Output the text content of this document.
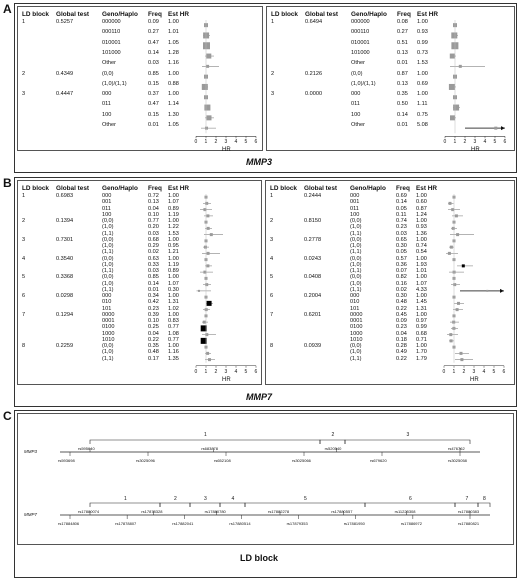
A
B
C
LD block Global test Geno/Haplo Freq Est HR
1	0.5257	000000	0.09 1.00
000110	0.27 1.01
010001	0.47 1.05
101000	0.14 1.28
Other	0.03 1.16
2	0.4349	(0,0)	0.85 1.00
(1,0)/(1,1)	0.15 0.88
3	0.4447	000	0.37 1.00
011	0.47 1.14
100	0.15 1.30
Other	0.01 1.05
0 1 2 3 4 5 6
HR
LD block Global test Geno/Haplo Freq Est HR
1	0.6494	000000	0.08 1.00
000110	0.27 0.93
010001	0.51 0.99
101000	0.13 0.73
Other	0.01 1.53
2	0.2126	(0,0)	0.87 1.00
(1,0)/(1,1)	0.13 0.69
3	0.0000	000	0.35 1.00
011	0.50 1.11
100	0.14 0.75
Other	0.01 5.08
0 1 2 3 4 5 6
HR
MMP3
LD block Global test Geno/Haplo Freq Est HR
1	0.6983	000	0.72 1.00
001	0.13 1.07
011	0.04 0.89
100	0.10 1.19
2	0.1394	(0,0)	0.77 1.00
(1,0)	0.20 1.22
(1,1)	0.03 1.53
3	0.7301	(0,0)	0.68 1.00
(1,0)	0.29 0.95
(1,1)	0.02 1.21
4	0.3540	(0,0)	0.63 1.00
(1,0)	0.33 1.19
(1,1)	0.03 0.89
5	0.3368	(0,0)	0.85 1.00
(1,0)	0.14 1.07
(1,1)	0.01 0.30
6	0.0298	000	0.34 1.00
010	0.42 1.31
101	0.23 1.02
7	0.1294	0000	0.39 1.00
0001	0.10 0.83
0100	0.25 0.77
1000	0.04 1.08
1010	0.22 0.77
8	0.2259	(0,0)	0.35 1.00
(1,0)	0.48 1.16
(1,1)	0.17 1.35
0 1 2 3 4 5 6
HR
LD block Global test Geno/Haplo Freq Est HR
1	0.2444	000	0.69 1.00
001	0.14 0.60
011	0.05 0.87
100	0.11 1.24
2	0.8150	(0,0)	0.74 1.00
(1,0)	0.23 0.93
(1,1)	0.03 1.36
3	0.2778	(0,0)	0.65 1.00
(1,0)	0.30 0.74
(1,1)	0.05 0.54
4	0.0243	(0,0)	0.57 1.00
(1,0)	0.36 1.93
(1,1)	0.07 1.01
5	0.0408	(0,0)	0.82 1.00
(1,0)	0.16 1.07
(1,1)	0.02 4.33
6	0.2004	000	0.30 1.00
010	0.48 1.45
101	0.22 1.31
7	0.6201	0000	0.45 1.00
0001	0.09 0.97
0100	0.23 0.99
1000	0.04 0.68
1010	0.18 0.71
8	0.0939	(0,0)	0.28 1.00
(1,0)	0.49 1.70
(1,1)	0.22 1.79
0 1 2 3 4 5 6
HR
MMP7
LD block
MMP3
1	2	3
rs595640	rs683878	rs520540	rs476762
rs593698	rs3025096	rs652108	rs3025066	rs679620	rs3025058
MMP7
1	2	3	4	5	6	7	8
rs17880074	rs17878328	rs17880780	rs17882278	rs17880557	rs11225308	rs17880383
rs17884806	rs17878807	rs17882041	rs17880514	rs17879353	rs17881950	rs17886972	rs17880821
